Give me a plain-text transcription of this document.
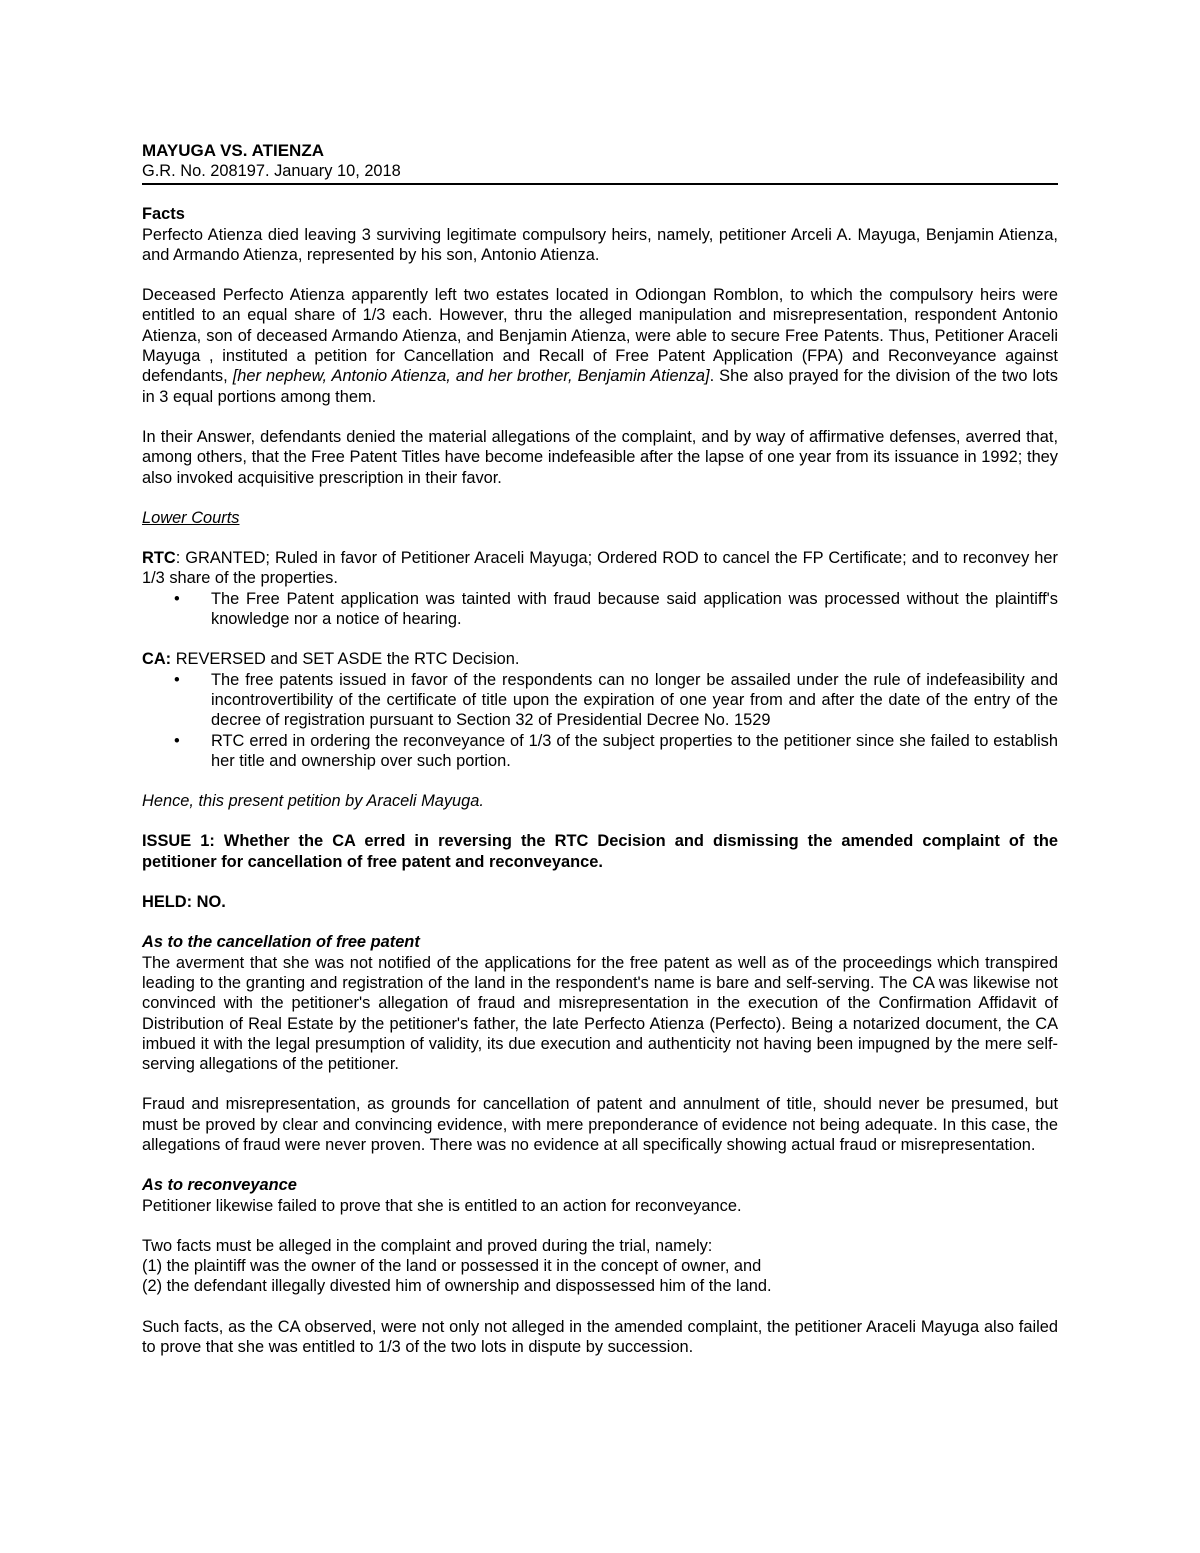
MAYUGA VS. ATIENZA
G.R. No. 208197. January 10, 2018
Facts

Perfecto Atienza died leaving 3 surviving legitimate compulsory heirs, namely, petitioner Arceli A. Mayuga, Benjamin Atienza, and Armando Atienza, represented by his son, Antonio Atienza.

Deceased Perfecto Atienza apparently left two estates located in Odiongan Romblon, to which the compulsory heirs were entitled to an equal share of 1/3 each. However, thru the alleged manipulation and misrepresentation, respondent Antonio Atienza, son of deceased Armando Atienza, and Benjamin Atienza, were able to secure Free Patents. Thus, Petitioner Araceli Mayuga , instituted a petition for Cancellation and Recall of Free Patent Application (FPA) and Reconveyance against defendants, [her nephew, Antonio Atienza, and her brother, Benjamin Atienza]. She also prayed for the division of the two lots in 3 equal portions among them.

In their Answer, defendants denied the material allegations of the complaint, and by way of affirmative defenses, averred that, among others, that the Free Patent Titles have become indefeasible after the lapse of one year from its issuance in 1992; they also invoked acquisitive prescription in their favor.

Lower Courts

RTC: GRANTED; Ruled in favor of Petitioner Araceli Mayuga; Ordered ROD to cancel the FP Certificate; and to reconvey her 1/3 share of the properties.

• The Free Patent application was tainted with fraud because said application was processed without the plaintiff's knowledge nor a notice of hearing.

CA: REVERSED and SET ASDE the RTC Decision.

• The free patents issued in favor of the respondents can no longer be assailed under the rule of indefeasibility and incontrovertibility of the certificate of title upon the expiration of one year from and after the date of the entry of the decree of registration pursuant to Section 32 of Presidential Decree No. 1529
• RTC erred in ordering the reconveyance of 1/3 of the subject properties to the petitioner since she failed to establish her title and ownership over such portion.

Hence, this present petition by Araceli Mayuga.

ISSUE 1: Whether the CA erred in reversing the RTC Decision and dismissing the amended complaint of the petitioner for cancellation of free patent and reconveyance.
HELD: NO.
As to the cancellation of free patent

The averment that she was not notified of the applications for the free patent as well as of the proceedings which transpired leading to the granting and registration of the land in the respondent's name is bare and self-serving. The CA was likewise not convinced with the petitioner's allegation of fraud and misrepresentation in the execution of the Confirmation Affidavit of Distribution of Real Estate by the petitioner's father, the late Perfecto Atienza (Perfecto). Being a notarized document, the CA imbued it with the legal presumption of validity, its due execution and authenticity not having been impugned by the mere self-serving allegations of the petitioner.

Fraud and misrepresentation, as grounds for cancellation of patent and annulment of title, should never be presumed, but must be proved by clear and convincing evidence, with mere preponderance of evidence not being adequate. In this case, the allegations of fraud were never proven. There was no evidence at all specifically showing actual fraud or misrepresentation.

As to reconveyance

Petitioner likewise failed to prove that she is entitled to an action for reconveyance.

Two facts must be alleged in the complaint and proved during the trial, namely:
(1) the plaintiff was the owner of the land or possessed it in the concept of owner, and
(2) the defendant illegally divested him of ownership and dispossessed him of the land.

Such facts, as the CA observed, were not only not alleged in the amended complaint, the petitioner Araceli Mayuga also failed to prove that she was entitled to 1/3 of the two lots in dispute by succession.
